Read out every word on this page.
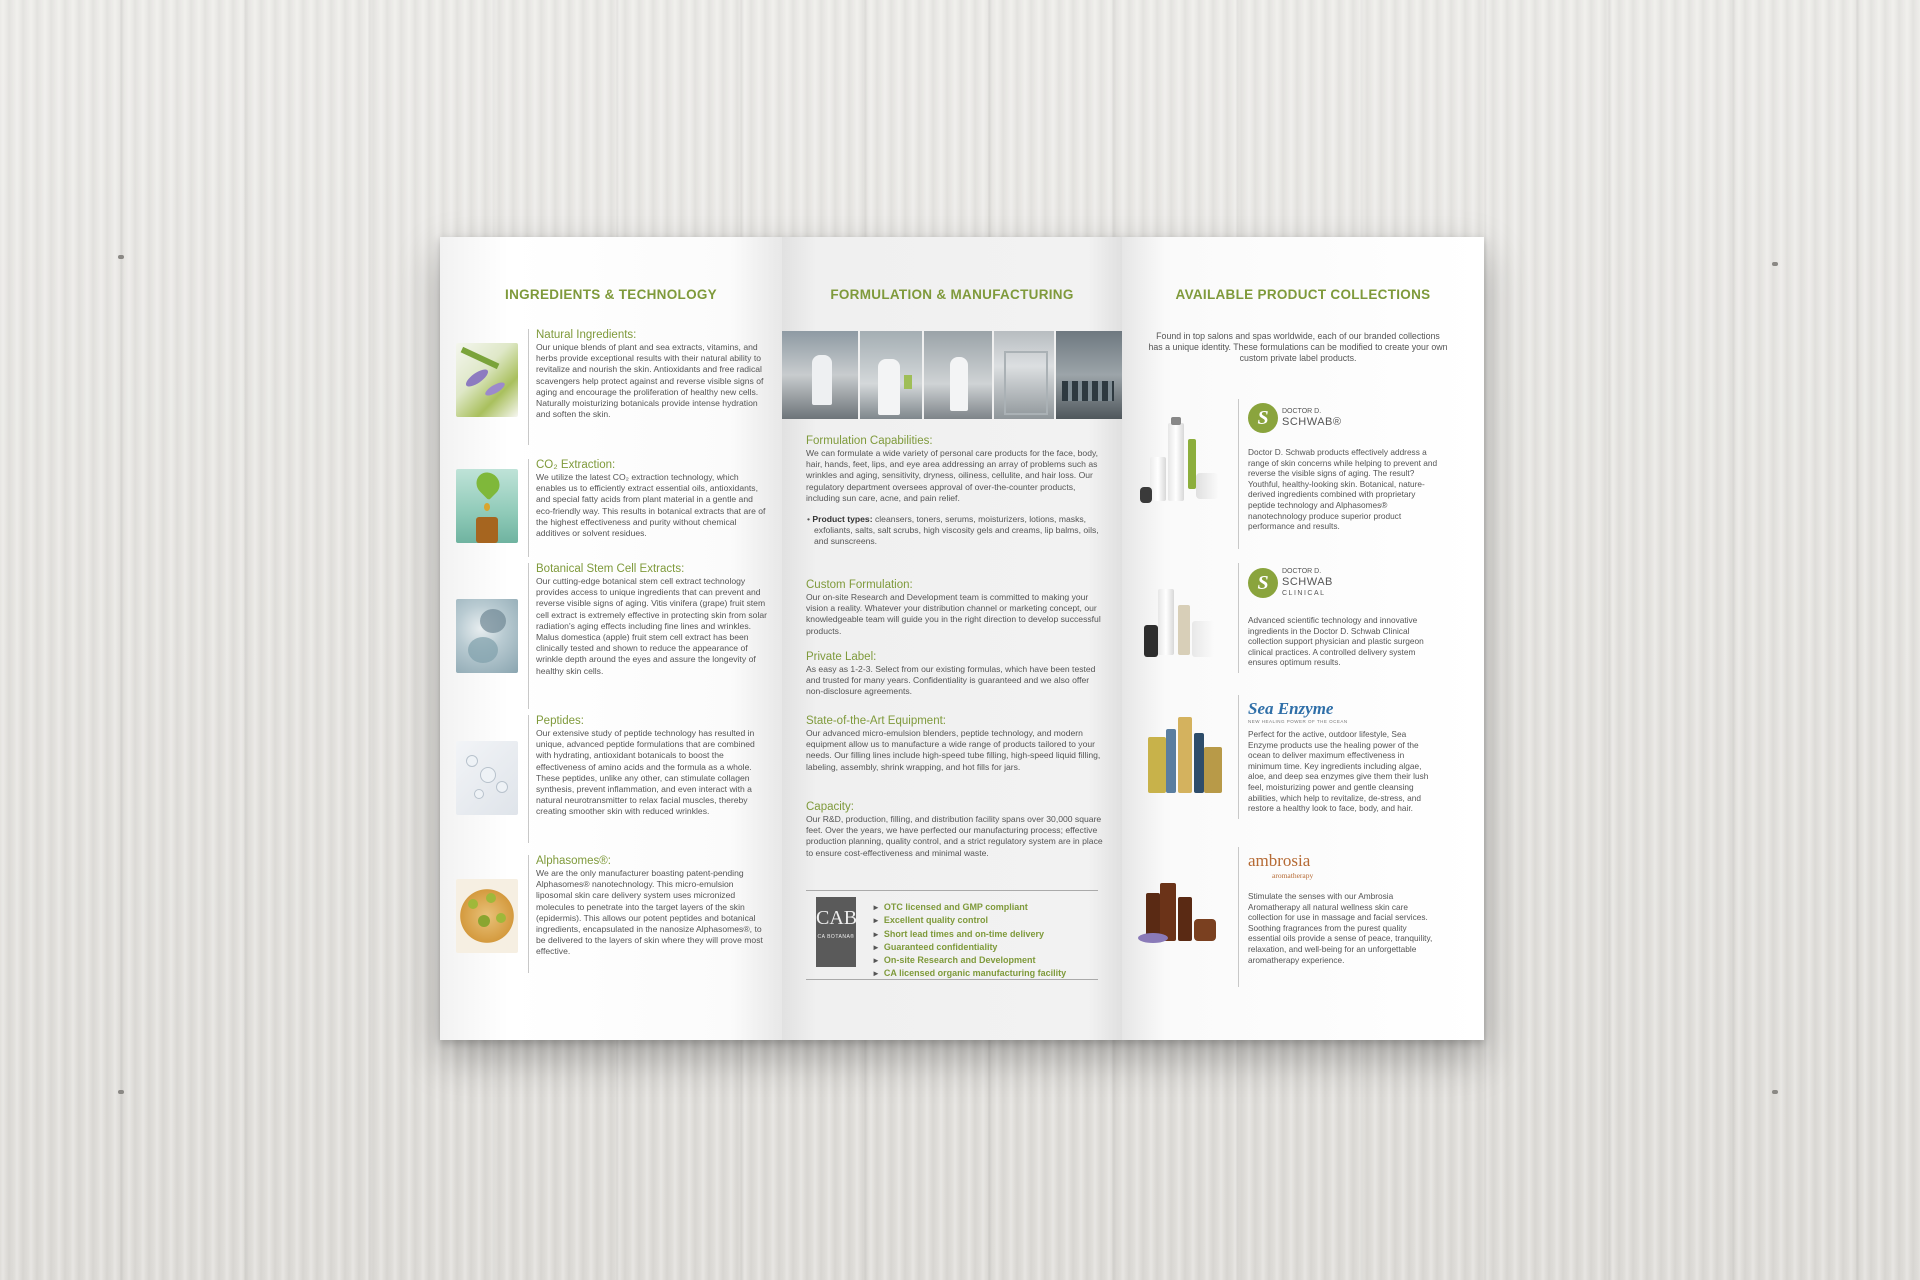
INGREDIENTS & TECHNOLOGY
Natural Ingredients:
Our unique blends of plant and sea extracts, vitamins, and herbs provide exceptional results with their natural ability to revitalize and nourish the skin. Antioxidants and free radical scavengers help protect against and reverse visible signs of aging and encourage the proliferation of healthy new cells. Naturally moisturizing botanicals provide intense hydration and soften the skin.
CO₂ Extraction:
We utilize the latest CO₂ extraction technology, which enables us to efficiently extract essential oils, antioxidants, and special fatty acids from plant material in a gentle and eco-friendly way. This results in botanical extracts that are of the highest effectiveness and purity without chemical additives or solvent residues.
Botanical Stem Cell Extracts:
Our cutting-edge botanical stem cell extract technology provides access to unique ingredients that can prevent and reverse visible signs of aging. Vitis vinifera (grape) fruit stem cell extract is extremely effective in protecting skin from solar radiation's aging effects including fine lines and wrinkles. Malus domestica (apple) fruit stem cell extract has been clinically tested and shown to reduce the appearance of wrinkle depth around the eyes and assure the longevity of healthy skin cells.
Peptides:
Our extensive study of peptide technology has resulted in unique, advanced peptide formulations that are combined with hydrating, antioxidant botanicals to boost the effectiveness of amino acids and the formula as a whole. These peptides, unlike any other, can stimulate collagen synthesis, prevent inflammation, and even interact with a natural neurotransmitter to relax facial muscles, thereby creating smoother skin with reduced wrinkles.
Alphasomes®:
We are the only manufacturer boasting patent-pending Alphasomes® nanotechnology. This micro-emulsion liposomal skin care delivery system uses micronized molecules to penetrate into the target layers of the skin (epidermis). This allows our potent peptides and botanical ingredients, encapsulated in the nanosize Alphasomes®, to be delivered to the layers of skin where they will prove most effective.
FORMULATION & MANUFACTURING
Formulation Capabilities:
We can formulate a wide variety of personal care products for the face, body, hair, hands, feet, lips, and eye area addressing an array of problems such as wrinkles and aging, sensitivity, dryness, oiliness, cellulite, and hair loss. Our regulatory department oversees approval of over-the-counter products, including sun care, acne, and pain relief.
• Product types: cleansers, toners, serums, moisturizers, lotions, masks, exfoliants, salts, salt scrubs, high viscosity gels and creams, lip balms, oils, and sunscreens.
Custom Formulation:
Our on-site Research and Development team is committed to making your vision a reality. Whatever your distribution channel or marketing concept, our knowledgeable team will guide you in the right direction to develop successful products.
Private Label:
As easy as 1-2-3. Select from our existing formulas, which have been tested and trusted for many years. Confidentiality is guaranteed and we also offer non-disclosure agreements.
State-of-the-Art Equipment:
Our advanced micro-emulsion blenders, peptide technology, and modern equipment allow us to manufacture a wide range of products tailored to your needs. Our filling lines include high-speed tube filling, high-speed liquid filling, labeling, assembly, shrink wrapping, and hot fills for jars.
Capacity:
Our R&D, production, filling, and distribution facility spans over 30,000 square feet. Over the years, we have perfected our manufacturing process; effective production planning, quality control, and a strict regulatory system are in place to ensure cost-effectiveness and minimal waste.
CAB
CA BOTANA®
► OTC licensed and GMP compliant
► Excellent quality control
► Short lead times and on-time delivery
► Guaranteed confidentiality
► On-site Research and Development
► CA licensed organic manufacturing facility
AVAILABLE PRODUCT COLLECTIONS
Found in top salons and spas worldwide, each of our branded collections has a unique identity. These formulations can be modified to create your own custom private label products.
S	DOCTOR D.
SCHWAB®
Doctor D. Schwab products effectively address a range of skin concerns while helping to prevent and reverse the visible signs of aging. The result? Youthful, healthy-looking skin. Botanical, nature-derived ingredients combined with proprietary peptide technology and Alphasomes® nanotechnology produce superior product performance and results.
S
DOCTOR D.
SCHWAB
CLINICAL
Advanced scientific technology and innovative ingredients in the Doctor D. Schwab Clinical collection support physician and plastic surgeon clinical practices. A controlled delivery system ensures optimum results.
Sea Enzyme
NEW HEALING POWER OF THE OCEAN
Perfect for the active, outdoor lifestyle, Sea Enzyme products use the healing power of the ocean to deliver maximum effectiveness in minimum time. Key ingredients including algae, aloe, and deep sea enzymes give them their lush feel, moisturizing power and gentle cleansing abilities, which help to revitalize, de-stress, and restore a healthy look to face, body, and hair.
ambrosia
aromatherapy
Stimulate the senses with our Ambrosia Aromatherapy all natural wellness skin care collection for use in massage and facial services. Soothing fragrances from the purest quality essential oils provide a sense of peace, tranquility, relaxation, and well-being for an unforgettable aromatherapy experience.
